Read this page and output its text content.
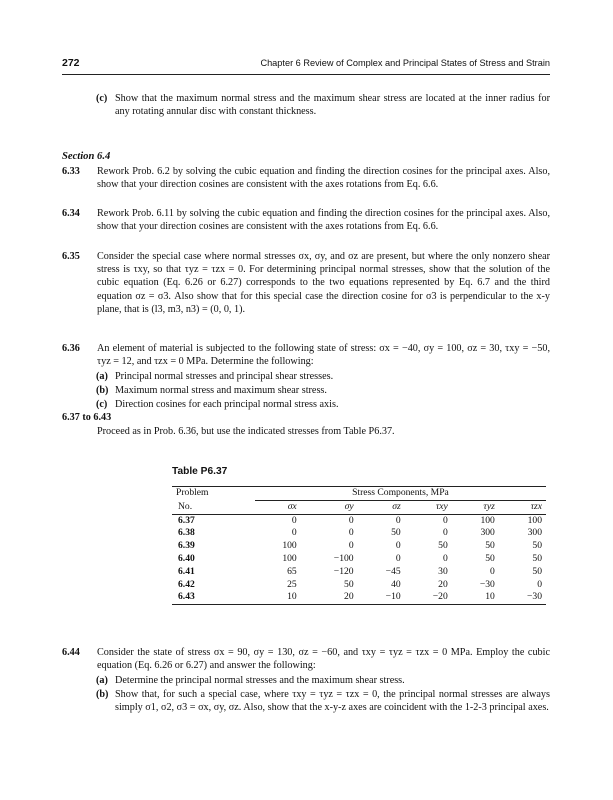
272	Chapter 6 Review of Complex and Principal States of Stress and Strain
(c) Show that the maximum normal stress and the maximum shear stress are located at the inner radius for any rotating annular disc with constant thickness.
Section 6.4
6.33 Rework Prob. 6.2 by solving the cubic equation and finding the direction cosines for the principal axes. Also, show that your direction cosines are consistent with the axes rotations from Eq. 6.6.
6.34 Rework Prob. 6.11 by solving the cubic equation and finding the direction cosines for the principal axes. Also, show that your direction cosines are consistent with the axes rotations from Eq. 6.6.
6.35 Consider the special case where normal stresses σx, σy, and σz are present, but where the only nonzero shear stress is τxy, so that τyz = τzx = 0. For determining principal normal stresses, show that the solution of the cubic equation (Eq. 6.26 or 6.27) corresponds to the two equations represented by Eq. 6.7 and the third equation σz = σ3. Also show that for this special case the direction cosine for σ3 is perpendicular to the x-y plane, that is (l3, m3, n3) = (0, 0, 1).
6.36 An element of material is subjected to the following state of stress: σx = −40, σy = 100, σz = 30, τxy = −50, τyz = 12, and τzx = 0 MPa. Determine the following:
(a) Principal normal stresses and principal shear stresses.
(b) Maximum normal stress and maximum shear stress.
(c) Direction cosines for each principal normal stress axis.
6.37 to 6.43
Proceed as in Prob. 6.36, but use the indicated stresses from Table P6.37.
Table P6.37
Problem	Stress Components, MPa					
No.	σx	σy	σz	τxy	τyz	τzx
6.37	0	0	0	0	100	100
6.38	0	0	50	0	300	300
6.39	100	0	0	50	50	50
6.40	100	−100	0	0	50	50
6.41	65	−120	−45	30	0	50
6.42	25	50	40	20	−30	0
6.43	10	20	−10	−20	10	−30
6.44 Consider the state of stress σx = 90, σy = 130, σz = −60, and τxy = τyz = τzx = 0 MPa. Employ the cubic equation (Eq. 6.26 or 6.27) and answer the following:
(a) Determine the principal normal stresses and the maximum shear stress.
(b) Show that, for such a special case, where τxy = τyz = τzx = 0, the principal normal stresses are always simply σ1, σ2, σ3 = σx, σy, σz. Also, show that the x-y-z axes are coincident with the 1-2-3 principal axes.
